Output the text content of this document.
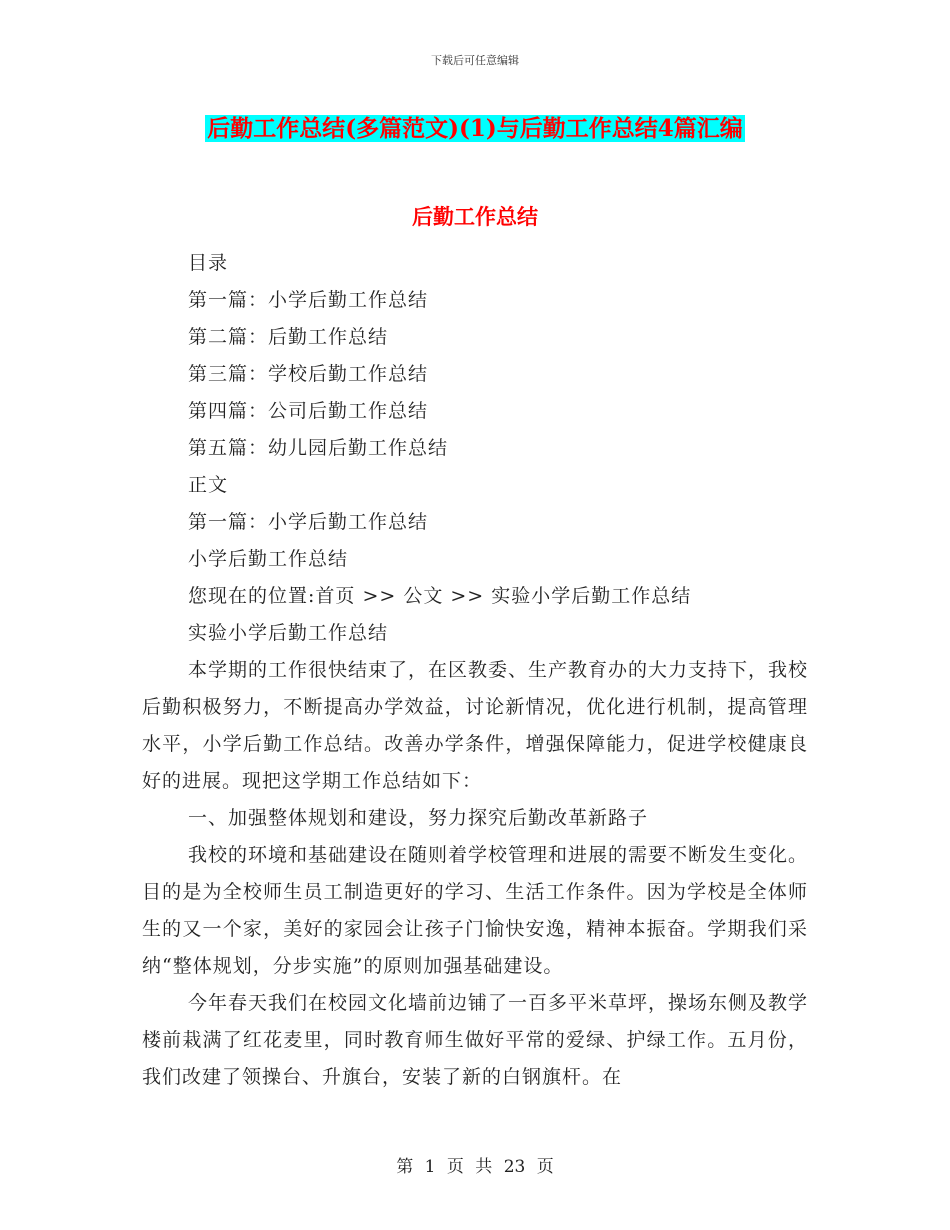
下载后可任意编辑
后勤工作总结(多篇范文)(1)与后勤工作总结4篇汇编
后勤工作总结

目录

第一篇：小学后勤工作总结

第二篇：后勤工作总结

第三篇：学校后勤工作总结

第四篇：公司后勤工作总结

第五篇：幼儿园后勤工作总结

正文

第一篇：小学后勤工作总结

小学后勤工作总结

您现在的位置:首页 >> 公文 >> 实验小学后勤工作总结

实验小学后勤工作总结

本学期的工作很快结束了，在区教委、生产教育办的大力支持下，我校后勤积极努力，不断提高办学效益，讨论新情况，优化进行机制，提高管理水平，小学后勤工作总结。改善办学条件，增强保障能力，促进学校健康良好的进展。现把这学期工作总结如下：

一、加强整体规划和建设，努力探究后勤改革新路子

我校的环境和基础建设在随则着学校管理和进展的需要不断发生变化。目的是为全校师生员工制造更好的学习、生活工作条件。因为学校是全体师生的又一个家，美好的家园会让孩子门愉快安逸，精神本振奋。学期我们采纳“整体规划，分步实施”的原则加强基础建设。

今年春天我们在校园文化墙前边铺了一百多平米草坪，操场东侧及教学楼前栽满了红花麦里，同时教育师生做好平常的爱绿、护绿工作。五月份，我们改建了领操台、升旗台，安装了新的白钢旗杆。在

第 1 页 共 23 页
